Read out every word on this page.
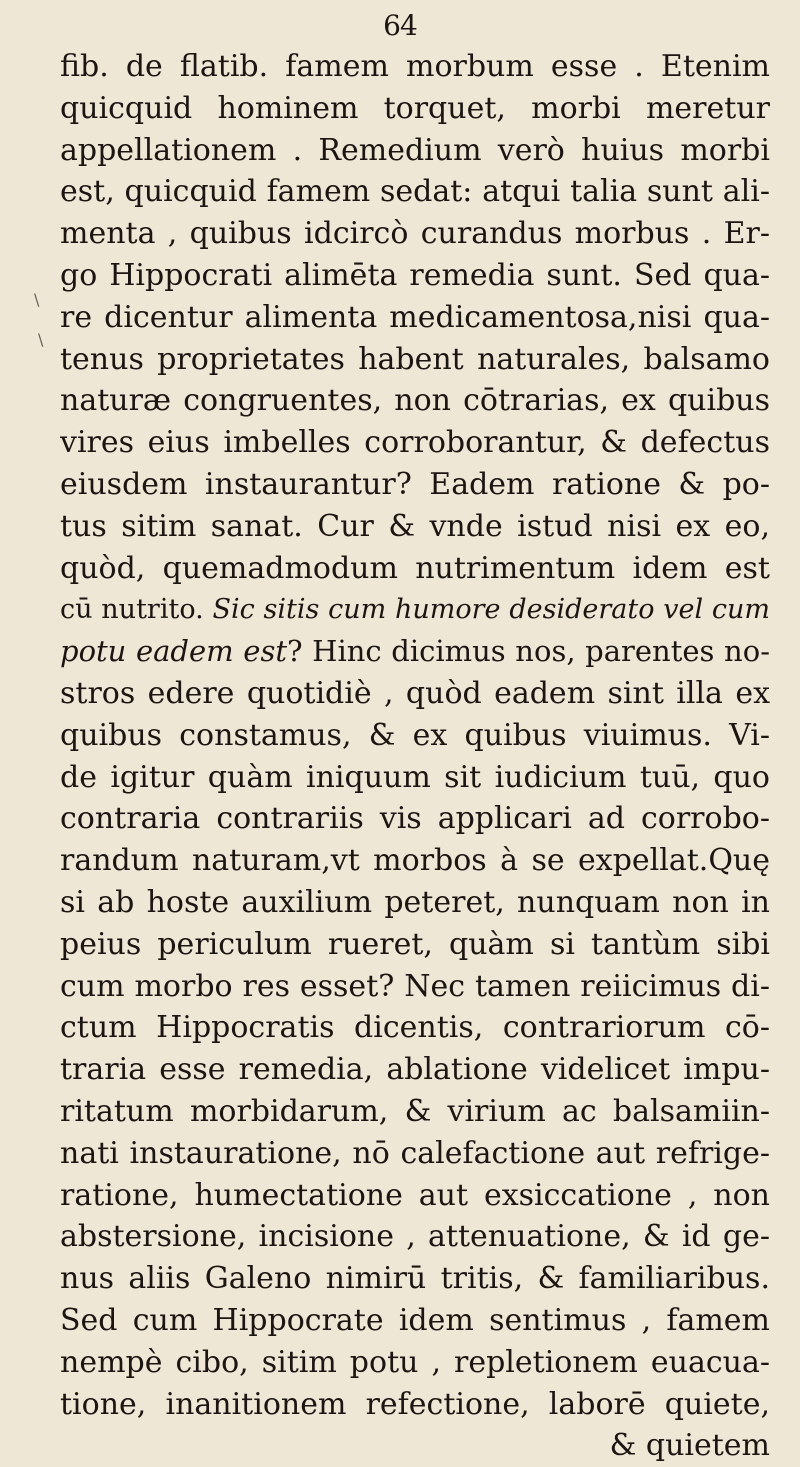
64
\
\
fib. de flatib. famem morbum esse . Etenim
quicquid hominem torquet, morbi meretur
appellationem . Remedium verò huius morbi
est, quicquid famem sedat: atqui talia sunt ali-
menta , quibus idcircò curandus morbus . Er-
go Hippocrati alimēta remedia sunt. Sed qua-
re dicentur alimenta medicamentosa,nisi qua-
tenus proprietates habent naturales, balsamo
naturæ congruentes, non cōtrarias, ex quibus
vires eius imbelles corroborantur, & defectus
eiusdem instaurantur? Eadem ratione & po-
tus sitim sanat. Cur & vnde istud nisi ex eo,
quòd, quemadmodum nutrimentum idem est
cū nutrito. Sic sitis cum humore desiderato vel cum
potu eadem est? Hinc dicimus nos, parentes no-
stros edere quotidiè , quòd eadem sint illa ex
quibus constamus, & ex quibus viuimus. Vi-
de igitur quàm iniquum sit iudicium tuū, quo
contraria contrariis vis applicari ad corrobo-
randum naturam,vt morbos à se expellat.Quę
si ab hoste auxilium peteret, nunquam non in
peius periculum rueret, quàm si tantùm sibi
cum morbo res esset? Nec tamen reiicimus di-
ctum Hippocratis dicentis, contrariorum cō-
traria esse remedia, ablatione videlicet impu-
ritatum morbidarum, & virium ac balsamiin-
nati instauratione, nō calefactione aut refrige-
ratione, humectatione aut exsiccatione , non
abstersione, incisione , attenuatione, & id ge-
nus aliis Galeno nimirū tritis, & familiaribus.
Sed cum Hippocrate idem sentimus , famem
nempè cibo, sitim potu , repletionem euacua-
tione, inanitionem refectione, laborē quiete,
& quietem
